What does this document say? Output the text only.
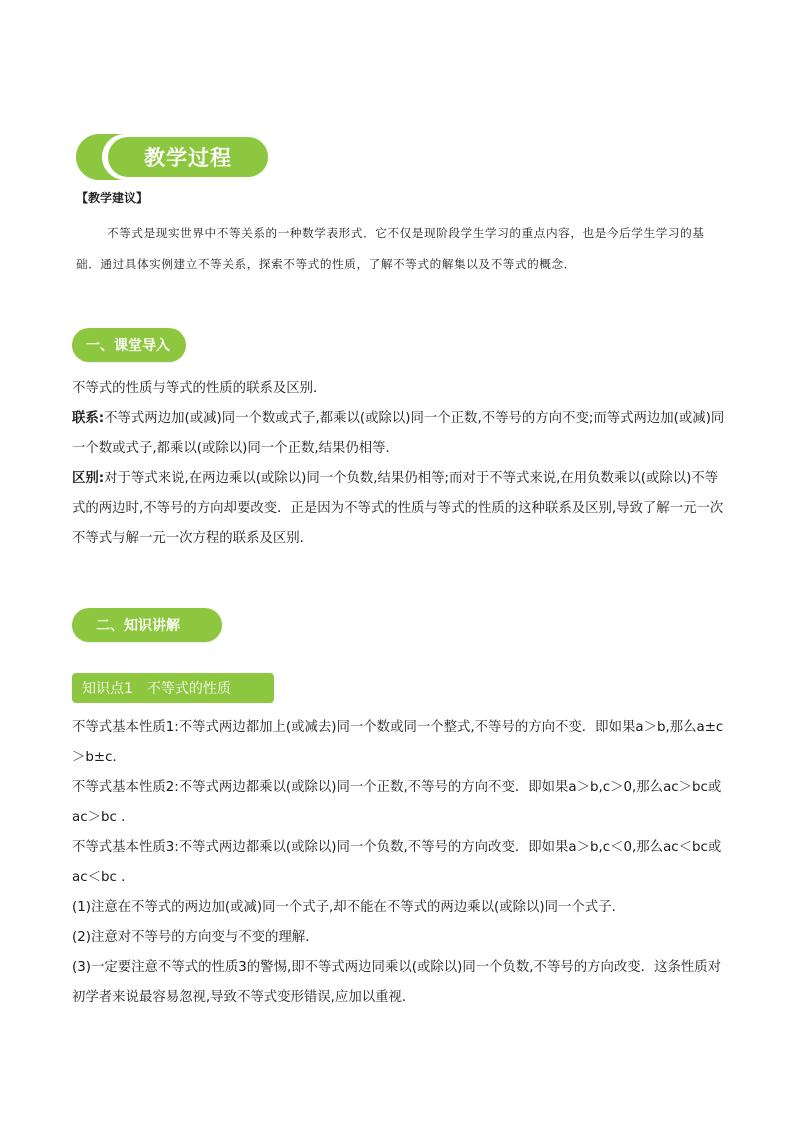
教学过程
【教学建议】

不等式是现实世界中不等关系的一种数学表形式．它不仅是现阶段学生学习的重点内容，也是今后学生学习的基础．通过具体实例建立不等关系，探索不等式的性质，了解不等式的解集以及不等式的概念．

一、课堂导入

不等式的性质与等式的性质的联系及区别．

联系:不等式两边加(或减)同一个数或式子,都乘以(或除以)同一个正数,不等号的方向不变;而等式两边加(或减)同一个数或式子,都乘以(或除以)同一个正数,结果仍相等．

区别:对于等式来说,在两边乘以(或除以)同一个负数,结果仍相等;而对于不等式来说,在用负数乘以(或除以)不等式的两边时,不等号的方向却要改变．正是因为不等式的性质与等式的性质的这种联系及区别,导致了解一元一次不等式与解一元一次方程的联系及区别．

二、知识讲解
知识点1 不等式的性质

不等式基本性质1:不等式两边都加上(或减去)同一个数或同一个整式,不等号的方向不变．即如果a＞b,那么a±c＞b±c．

不等式基本性质2:不等式两边都乘以(或除以)同一个正数,不等号的方向不变．即如果a＞b,c＞0,那么ac＞bc或ac＞bc ．

不等式基本性质3:不等式两边都乘以(或除以)同一个负数,不等号的方向改变．即如果a＞b,c＜0,那么ac＜bc或ac＜bc ．

(1)注意在不等式的两边加(或减)同一个式子,却不能在不等式的两边乘以(或除以)同一个式子．

(2)注意对不等号的方向变与不变的理解．

(3)一定要注意不等式的性质3的警惕,即不等式两边同乘以(或除以)同一个负数,不等号的方向改变．这条性质对初学者来说最容易忽视,导致不等式变形错误,应加以重视．
